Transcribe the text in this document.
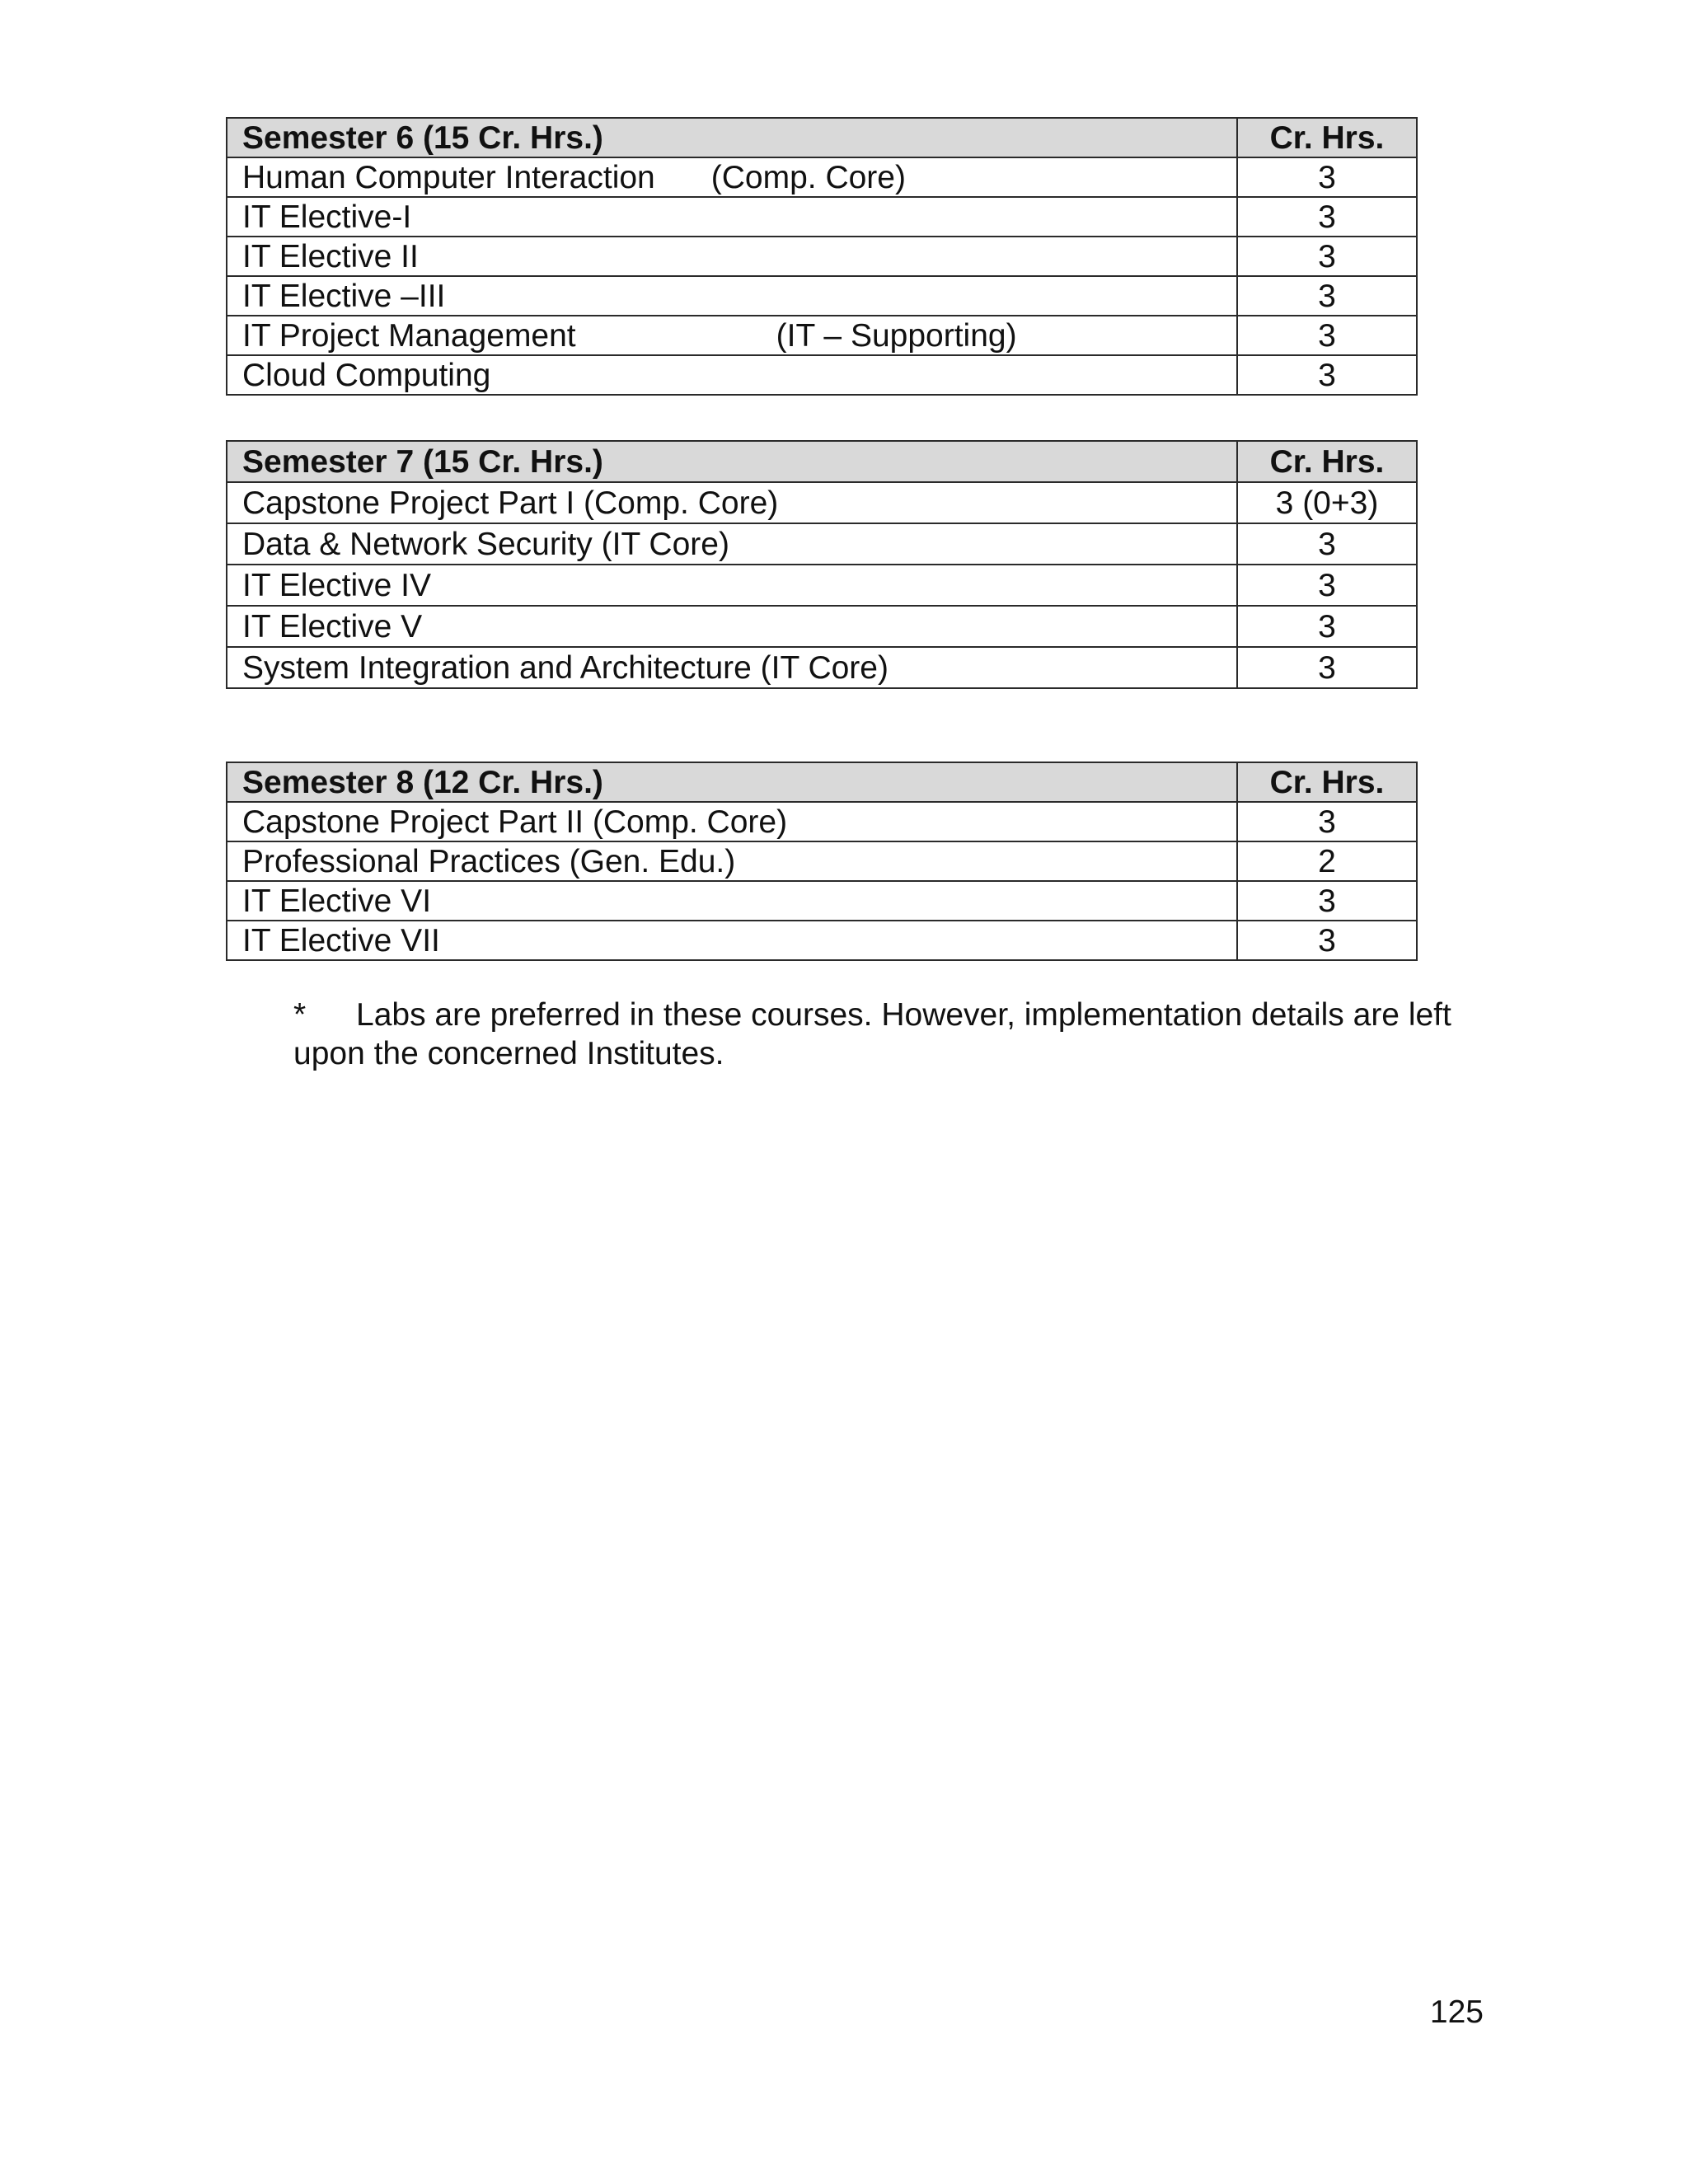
Semester 6 (15 Cr. Hrs.)	Cr. Hrs.
Human Computer Interaction (Comp. Core)	3
IT Elective-I	3
IT Elective II	3
IT Elective –III	3
IT Project Management (IT – Supporting)	3
Cloud Computing	3
Semester 7 (15 Cr. Hrs.)	Cr. Hrs.
Capstone Project Part I (Comp. Core)	3 (0+3)
Data & Network Security (IT Core)	3
IT Elective IV	3
IT Elective V	3
System Integration and Architecture (IT Core)	3
Semester 8 (12 Cr. Hrs.)	Cr. Hrs.
Capstone Project Part II (Comp. Core)	3
Professional Practices (Gen. Edu.)	2
IT Elective VI	3
IT Elective VII	3
* Labs are preferred in these courses. However, implementation details are left upon the concerned Institutes.
125
